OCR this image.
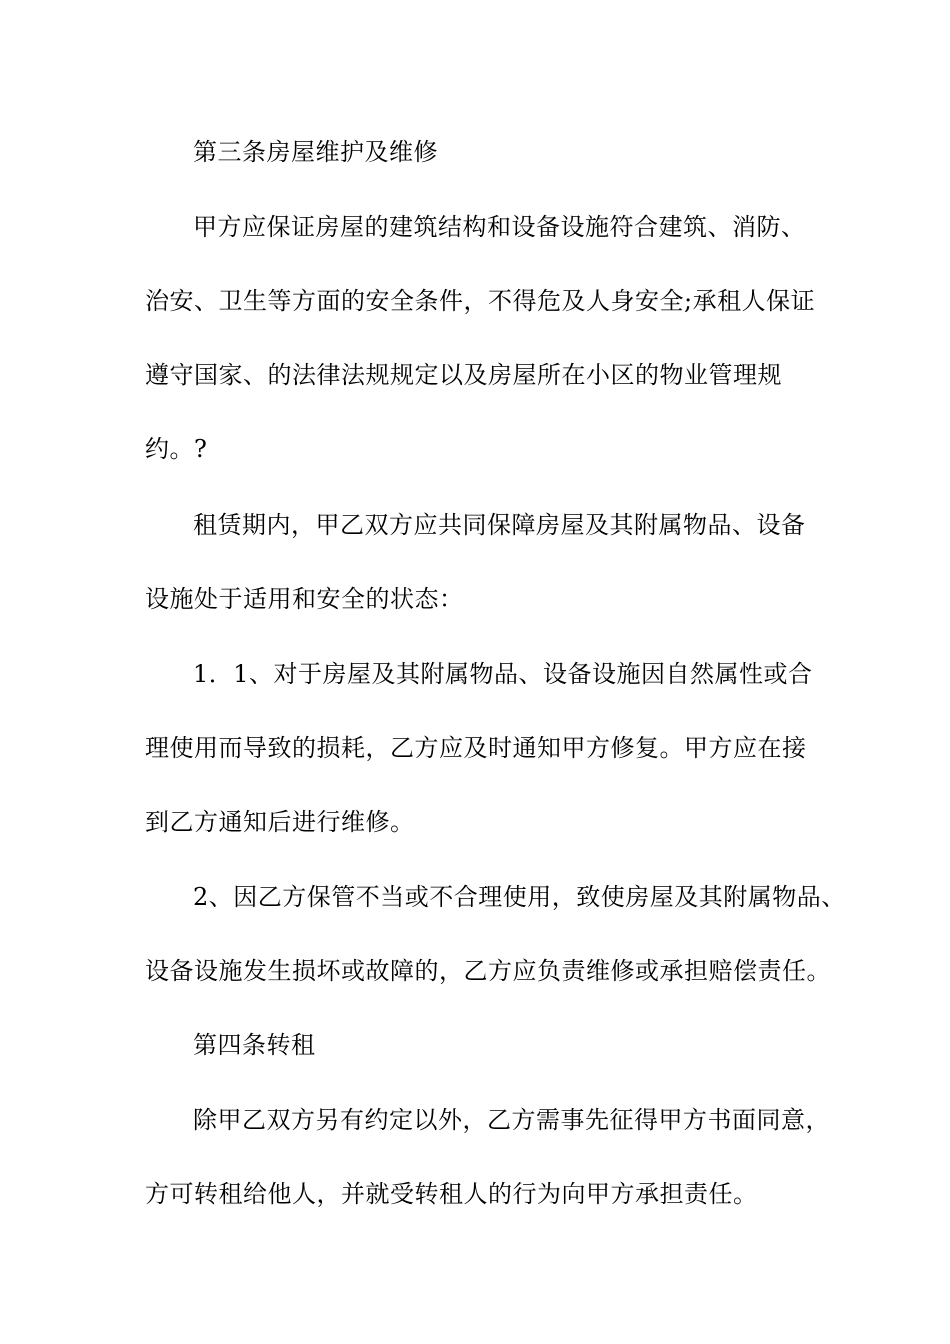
第三条房屋维护及维修
甲方应保证房屋的建筑结构和设备设施符合建筑、消防、
治安、卫生等方面的安全条件，不得危及人身安全;承租人保证
遵守国家、的法律法规规定以及房屋所在小区的物业管理规
约。?
租赁期内，甲乙双方应共同保障房屋及其附属物品、设备
设施处于适用和安全的状态：
1．1、对于房屋及其附属物品、设备设施因自然属性或合
理使用而导致的损耗，乙方应及时通知甲方修复。甲方应在接
到乙方通知后进行维修。
2、因乙方保管不当或不合理使用，致使房屋及其附属物品、
设备设施发生损坏或故障的，乙方应负责维修或承担赔偿责任。
第四条转租
除甲乙双方另有约定以外，乙方需事先征得甲方书面同意，
方可转租给他人，并就受转租人的行为向甲方承担责任。
